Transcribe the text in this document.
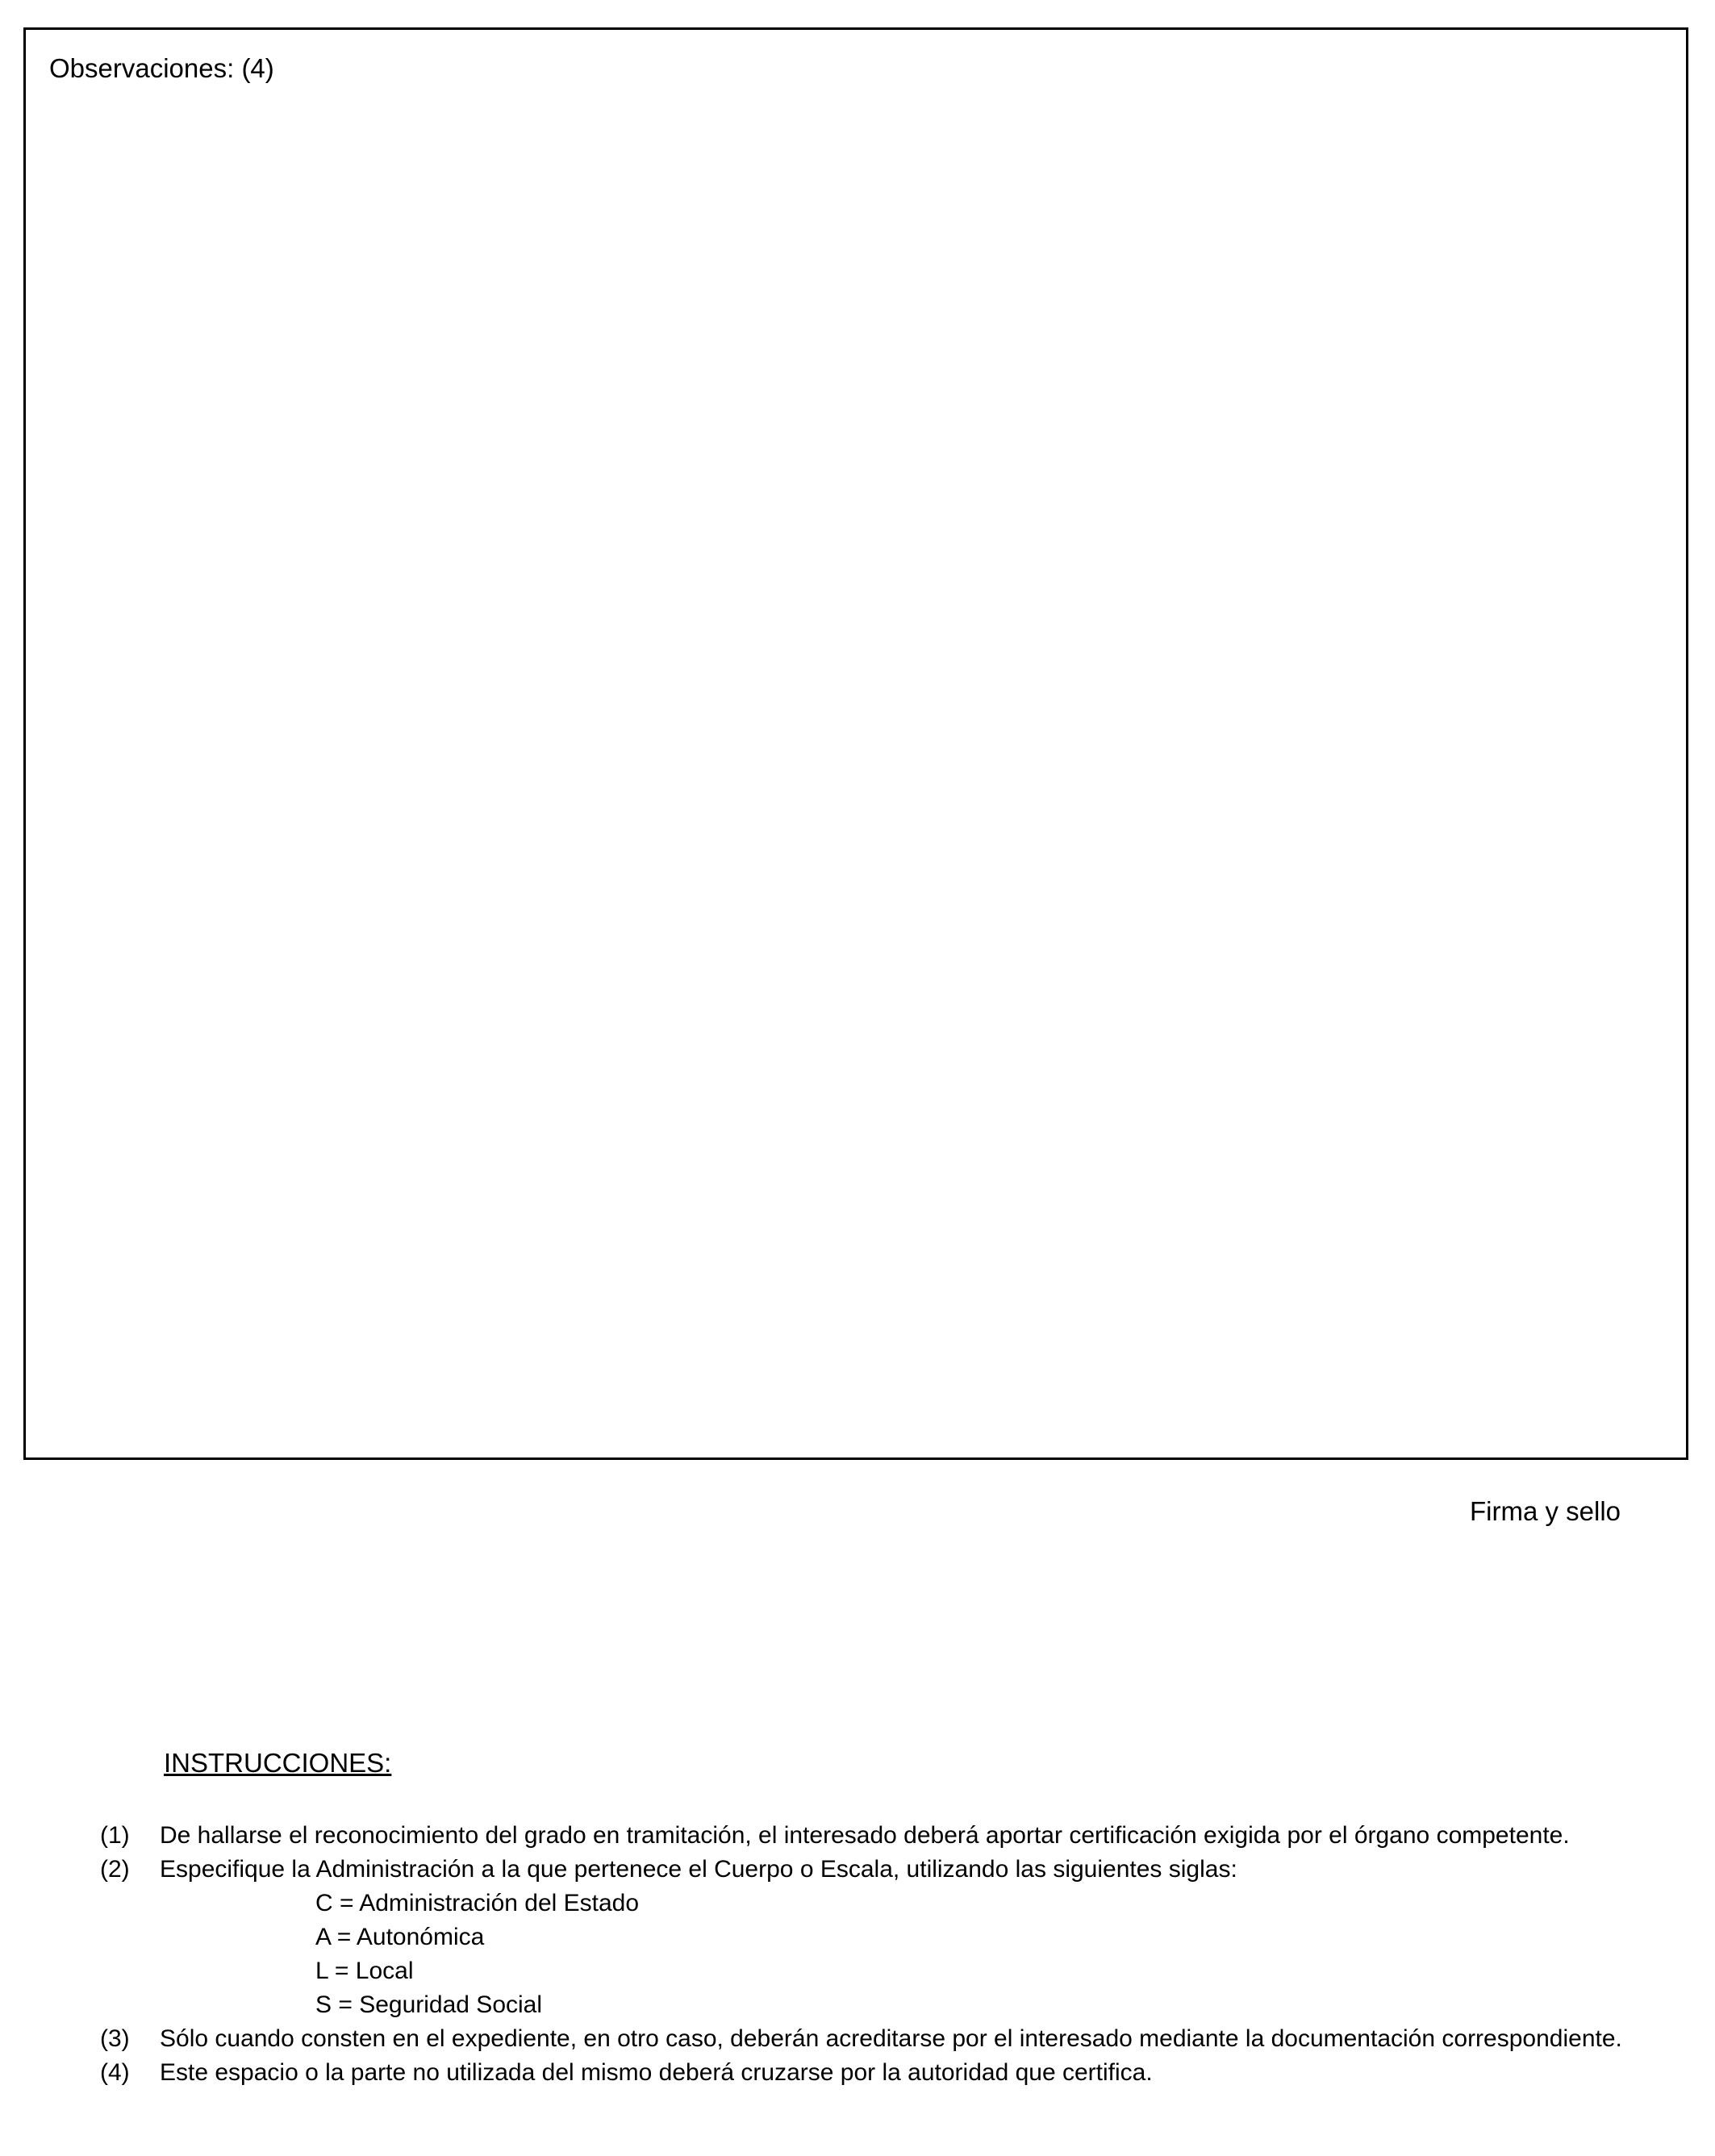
Observaciones: (4)
Firma y sello
INSTRUCCIONES:
(1) De hallarse el reconocimiento del grado en tramitación, el interesado deberá aportar certificación exigida por el órgano competente.
(2) Especifique la Administración a la que pertenece el Cuerpo o Escala, utilizando las siguientes siglas:
C = Administración del Estado
A = Autonómica
L = Local
S = Seguridad Social
(3) Sólo cuando consten en el expediente, en otro caso, deberán acreditarse por el interesado mediante la documentación correspondiente.
(4) Este espacio o la parte no utilizada del mismo deberá cruzarse por la autoridad que certifica.
